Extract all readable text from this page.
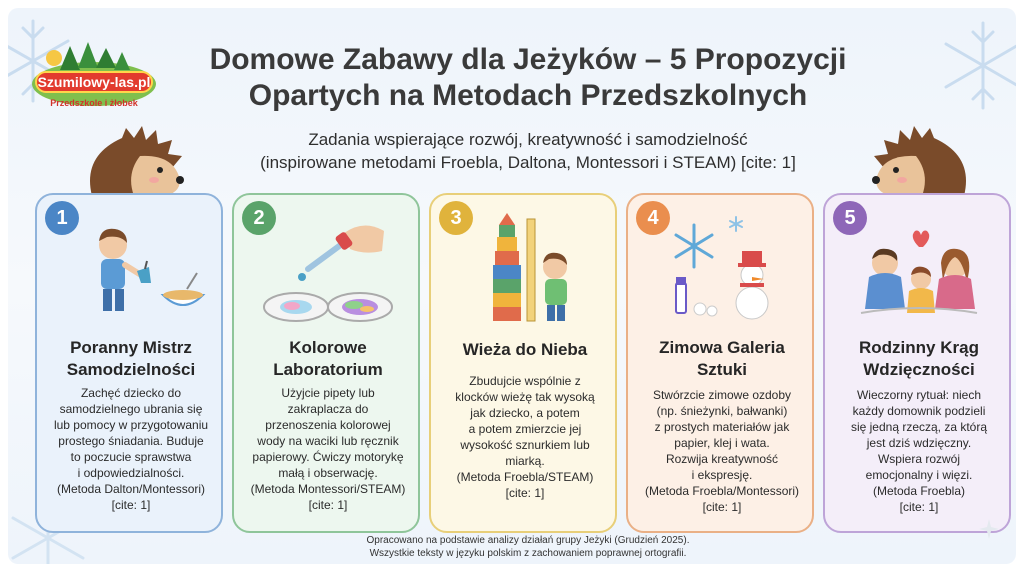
Szumilowy-las.pl
Przedszkole i żłobek
Domowe Zabawy dla Jeżyków – 5 Propozycji
Opartych na Metodach Przedszkolnych
Zadania wspierające rozwój, kreatywność i samodzielność
(inspirowane metodami Froebla, Daltona, Montessori i STEAM) [cite: 1]
1
Poranny Mistrz
Samodzielności
Zachęć dziecko do
samodzielnego ubrania się
lub pomocy w przygotowaniu
prostego śniadania. Buduje
to poczucie sprawstwa
i odpowiedzialności.
(Metoda Dalton/Montessori)
[cite: 1]
2
Kolorowe
Laboratorium
Użyjcie pipety lub
zakraplacza do
przenoszenia kolorowej
wody na waciki lub ręcznik
papierowy. Ćwiczy motorykę
małą i obserwację.
(Metoda Montessori/STEAM)
[cite: 1]
3
Wieża do Nieba
Zbudujcie wspólnie z
klocków wieżę tak wysoką
jak dziecko, a potem
a potem zmierzcie jej
wysokość sznurkiem lub
miarką.
(Metoda Froebla/STEAM)
[cite: 1]
4
Zimowa Galeria
Sztuki
Stwórzcie zimowe ozdoby
(np. śnieżynki, bałwanki)
z prostych materiałów jak
papier, klej i wata.
Rozwija kreatywność
i ekspresję.
(Metoda Froebla/Montessori)
[cite: 1]
5
Rodzinny Krąg
Wdzięczności
Wieczorny rytuał: niech
każdy domownik podzieli
się jedną rzeczą, za którą
jest dziś wdzięczny.
Wspiera rozwój
emocjonalny i więzi.
(Metoda Froebla)
[cite: 1]
Opracowano na podstawie analizy działań grupy Jeżyki (Grudzień 2025).
Wszystkie teksty w języku polskim z zachowaniem poprawnej ortografii.
